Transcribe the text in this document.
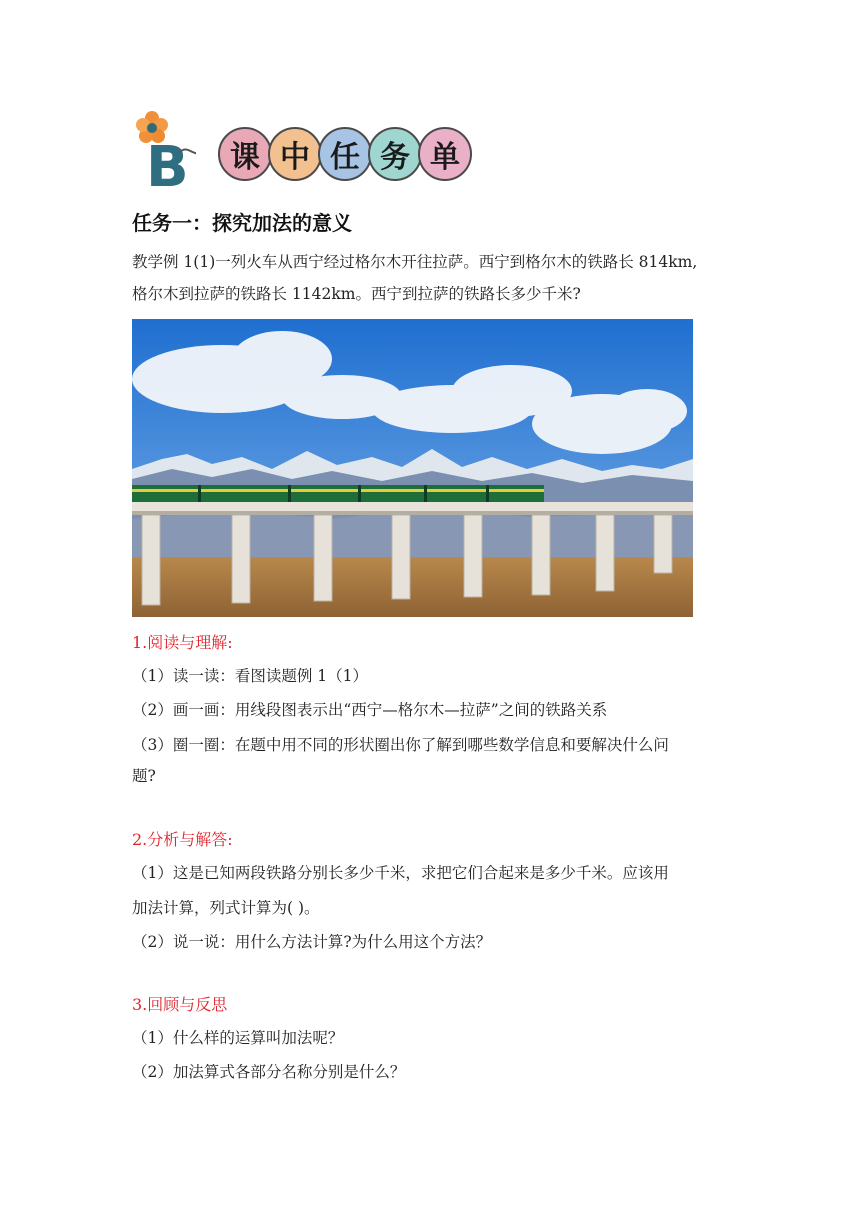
B	课 中 任 务 单
任务一：探究加法的意义
教学例 1(1)一列火车从西宁经过格尔木开往拉萨。西宁到格尔木的铁路长 814km,
格尔木到拉萨的铁路长 1142km。西宁到拉萨的铁路长多少千米?
1.阅读与理解:
（1）读一读：看图读题例 1（1）
（2）画一画：用线段图表示出“西宁—格尔木—拉萨”之间的铁路关系
（3）圈一圈：在题中用不同的形状圈出你了解到哪些数学信息和要解决什么问
题?
2.分析与解答:
（1）这是已知两段铁路分别长多少千米，求把它们合起来是多少千米。应该用
加法计算，列式计算为( )。
（2）说一说：用什么方法计算?为什么用这个方法？
3.回顾与反思
（1）什么样的运算叫加法呢？
（2）加法算式各部分名称分别是什么？
